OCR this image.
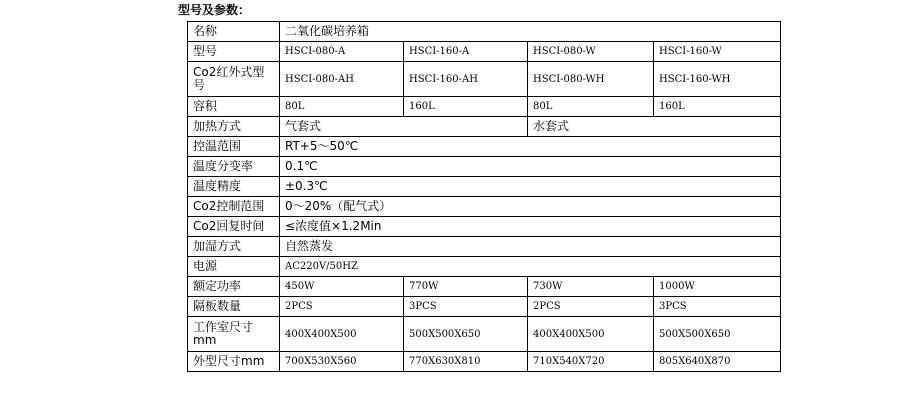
型号及参数：
名称	二氧化碳培养箱			
型号	HSCI-080-A	HSCI-160-A	HSCI-080-W	HSCI-160-W
Co2红外式型号	HSCI-080-AH	HSCI-160-AH	HSCI-080-WH	HSCI-160-WH
容积	80L	160L	80L	160L
加热方式	气套式		水套式	
控温范围	RT+5～50℃			
温度分变率	0.1℃			
温度精度	±0.3℃			
Co2控制范围	0～20%（配气式）			
Co2回复时间	≤浓度值×1.2Min			
加湿方式	自然蒸发			
电源	AC220V/50HZ			
额定功率	450W	770W	730W	1000W
隔板数量	2PCS	3PCS	2PCS	3PCS
工作室尺寸mm	400X400X500	500X500X650	400X400X500	500X500X650
外型尺寸mm	700X530X560	770X630X810	710X540X720	805X640X870
